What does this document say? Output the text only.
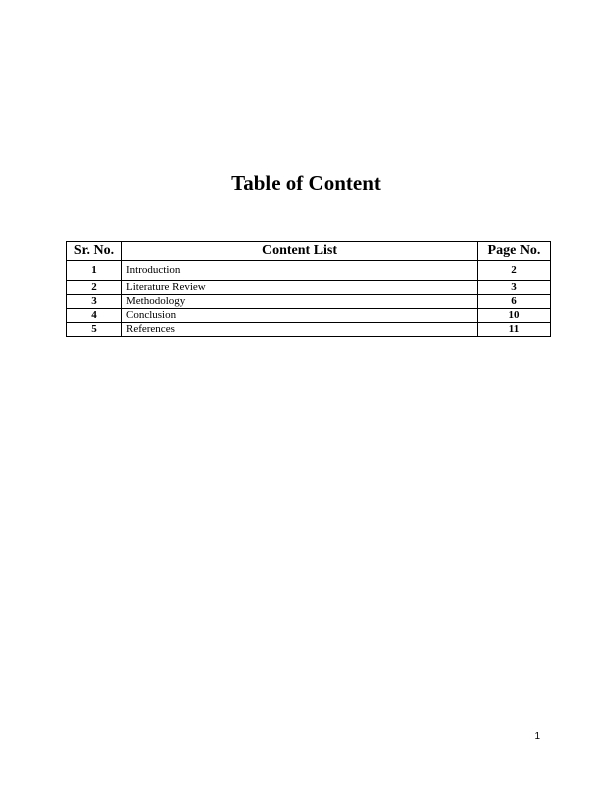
Table of Content
Sr. No.	Content List	Page No.
1	Introduction	2
2	Literature Review	3
3	Methodology	6
4	Conclusion	10
5	References	11
1
